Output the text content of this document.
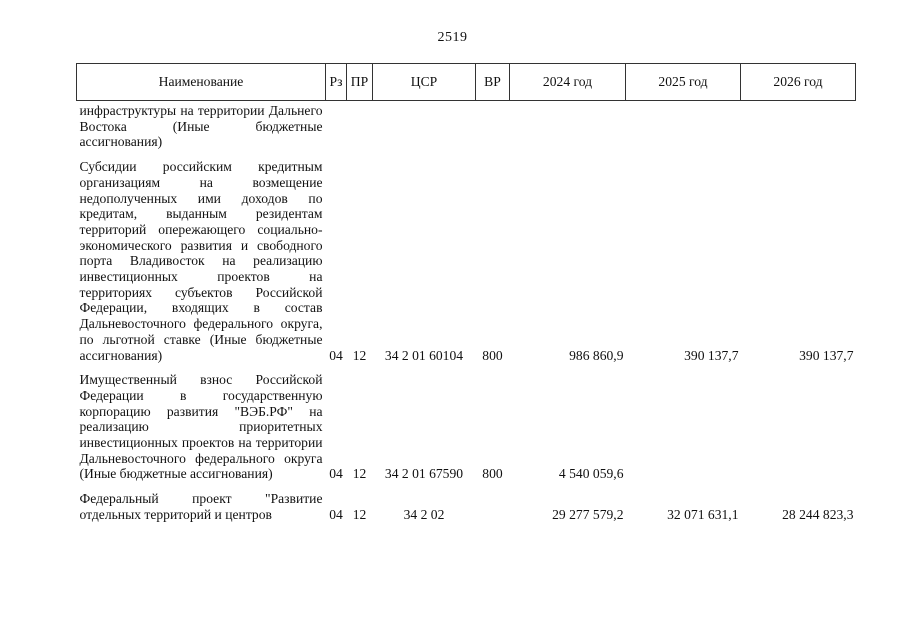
2519
Наименование	Рз	ПР	ЦСР	ВР	2024 год	2025 год	2026 год
инфраструктуры на территории Дальнего Востока (Иные бюджетные ассигнования)							
Субсидии российским кредитным организациям на возмещение недополученных ими доходов по кредитам, выданным резидентам территорий опережающего социально-экономического развития и свободного порта Владивосток на реализацию инвестиционных проектов на территориях субъектов Российской Федерации, входящих в состав Дальневосточного федерального округа, по льготной ставке (Иные бюджетные ассигнования)	04	12	34 2 01 60104	800	986 860,9	390 137,7	390 137,7
Имущественный взнос Российской Федерации в государственную корпорацию развития "ВЭБ.РФ" на реализацию приоритетных инвестиционных проектов на территории Дальневосточного федерального округа (Иные бюджетные ассигнования)	04	12	34 2 01 67590	800	4 540 059,6		
Федеральный проект "Развитие отдельных территорий и центров	04	12	34 2 02		29 277 579,2	32 071 631,1	28 244 823,3
